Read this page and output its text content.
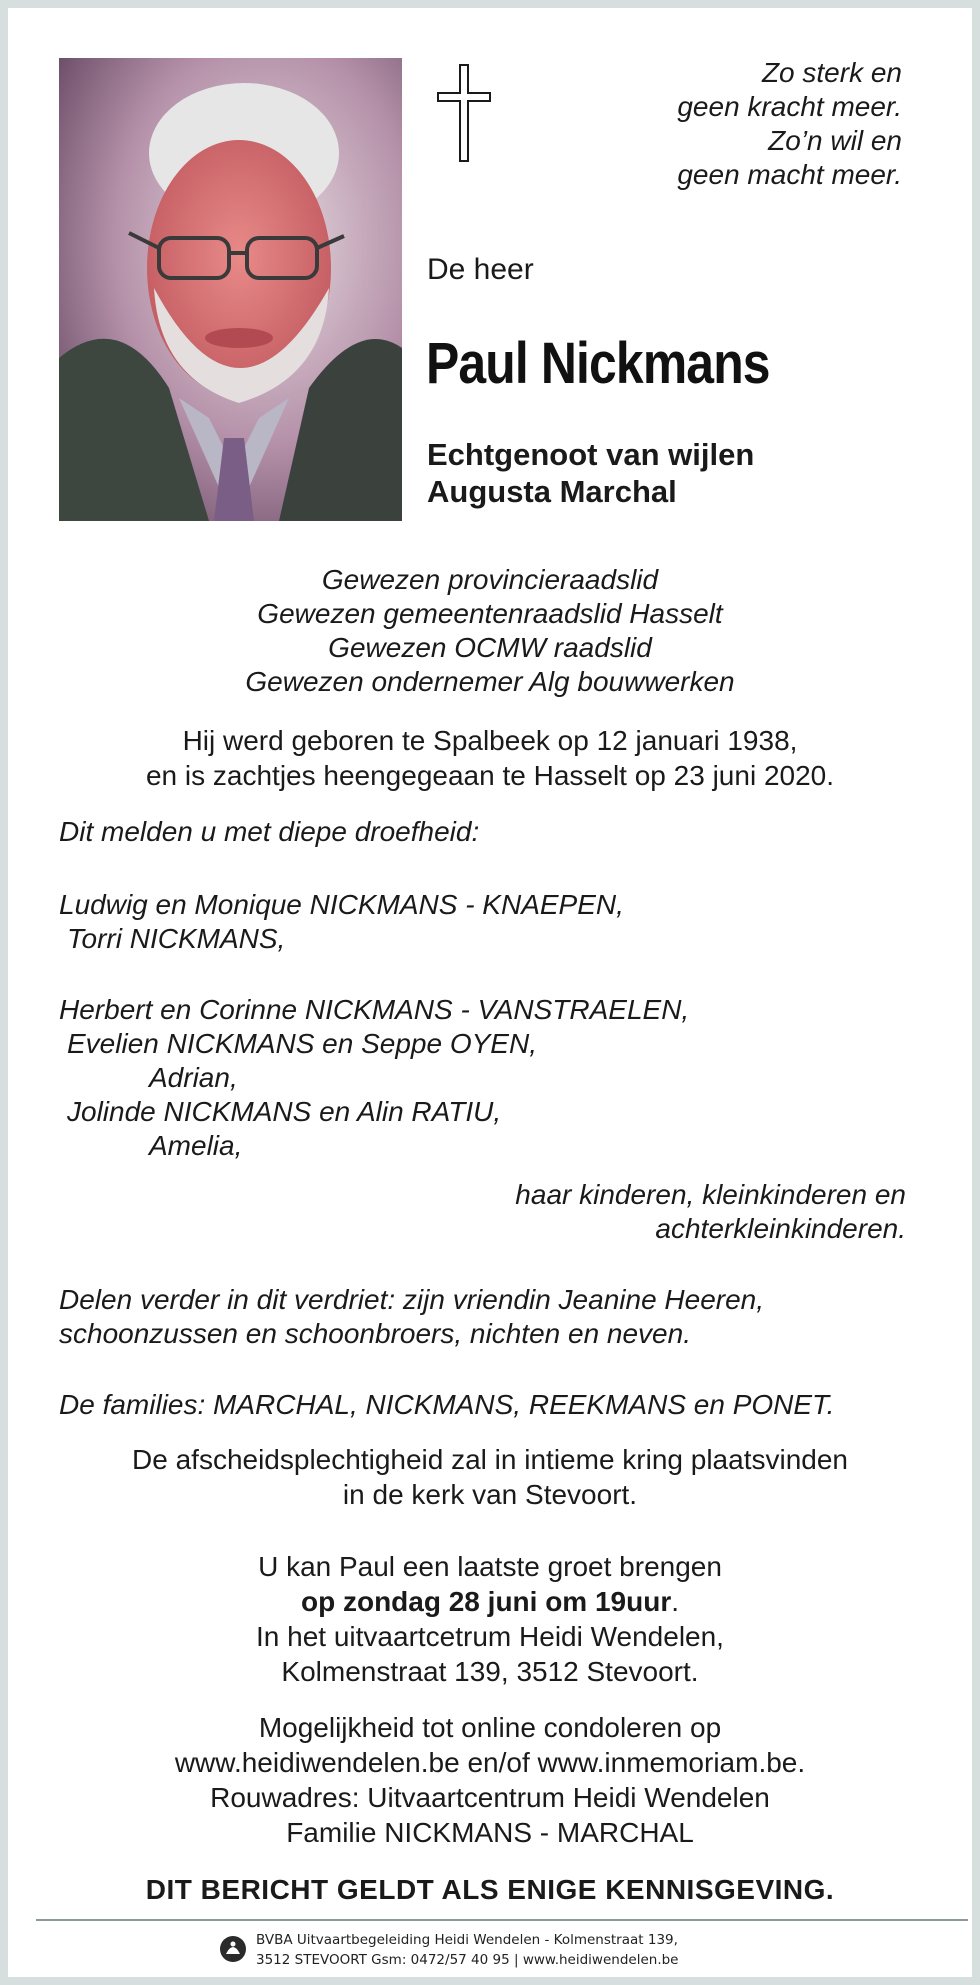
Zo sterk en
geen kracht meer.
Zo’n wil en
geen macht meer.
De heer
Paul Nickmans
Echtgenoot van wijlen
Augusta Marchal
Gewezen provincieraadslid
Gewezen gemeentenraadslid Hasselt
Gewezen OCMW raadslid
Gewezen ondernemer Alg bouwwerken
Hij werd geboren te Spalbeek op 12 januari 1938,
en is zachtjes heengegeaan te Hasselt op 23 juni 2020.
Dit melden u met diepe droefheid:
Ludwig en Monique NICKMANS - KNAEPEN,
Torri NICKMANS,
Herbert en Corinne NICKMANS - VANSTRAELEN,
Evelien NICKMANS en Seppe OYEN,
Adrian,
Jolinde NICKMANS en Alin RATIU,
Amelia,
haar kinderen, kleinkinderen en
achterkleinkinderen.
Delen verder in dit verdriet: zijn vriendin Jeanine Heeren,
schoonzussen en schoonbroers, nichten en neven.
De families: MARCHAL, NICKMANS, REEKMANS en PONET.
De afscheidsplechtigheid zal in intieme kring plaatsvinden
in de kerk van Stevoort.
U kan Paul een laatste groet brengen
op zondag 28 juni om 19uur.
In het uitvaartcetrum Heidi Wendelen,
Kolmenstraat 139, 3512 Stevoort.
Mogelijkheid tot online condoleren op
www.heidiwendelen.be en/of www.inmemoriam.be.
Rouwadres: Uitvaartcentrum Heidi Wendelen
Familie NICKMANS - MARCHAL
DIT BERICHT GELDT ALS ENIGE KENNISGEVING.
BVBA Uitvaartbegeleiding Heidi Wendelen - Kolmenstraat 139,
3512 STEVOORT Gsm: 0472/57 40 95 | www.heidiwendelen.be
